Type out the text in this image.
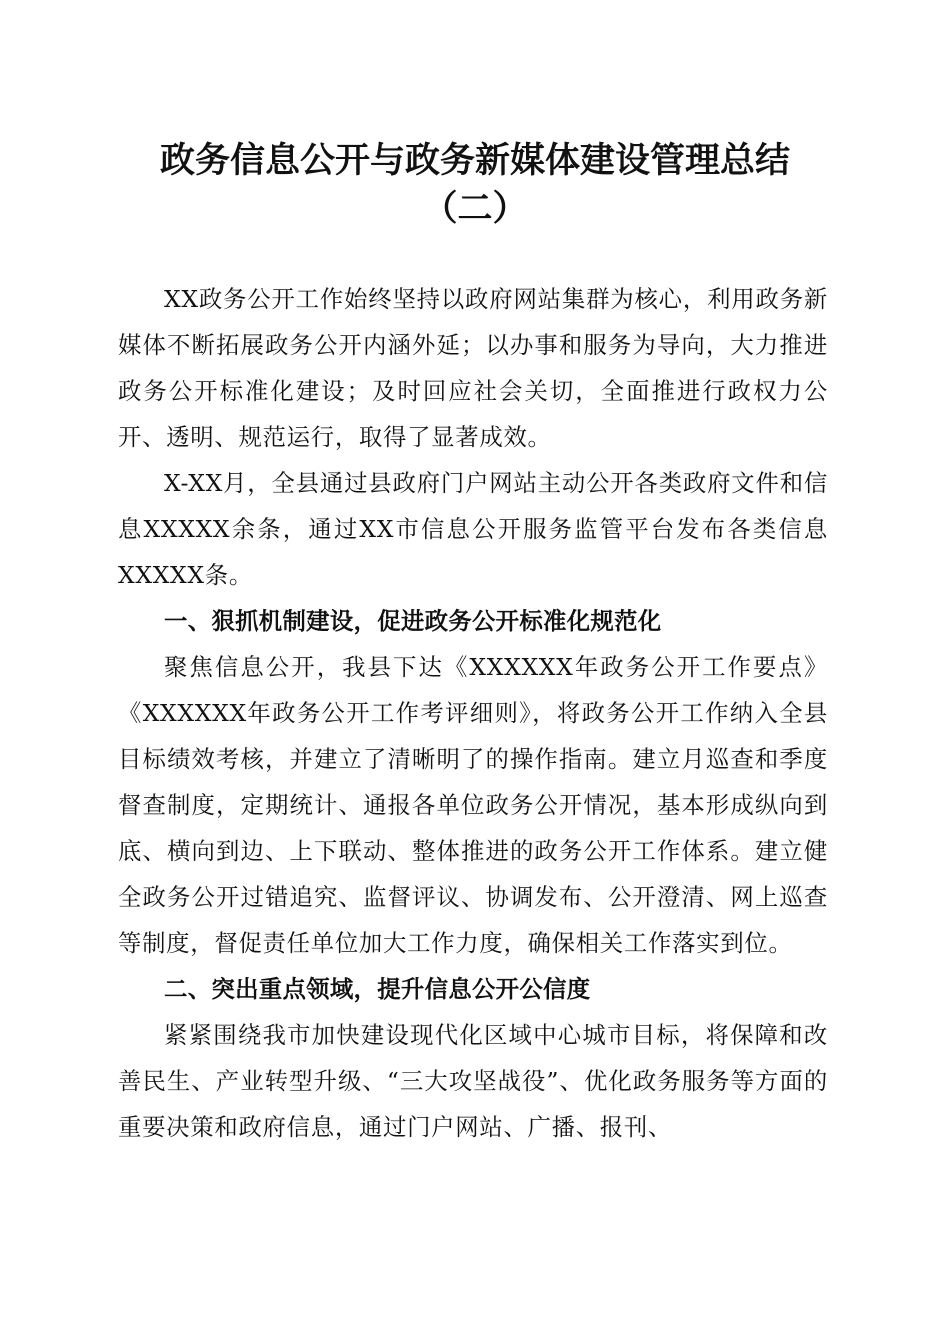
政务信息公开与政务新媒体建设管理总结
（二）

XX政务公开工作始终坚持以政府网站集群为核心，利用政务新媒体不断拓展政务公开内涵外延；以办事和服务为导向，大力推进政务公开标准化建设；及时回应社会关切，全面推进行政权力公开、透明、规范运行，取得了显著成效。

X-XX月，全县通过县政府门户网站主动公开各类政府文件和信息XXXXX余条，通过XX市信息公开服务监管平台发布各类信息XXXXX条。

一、狠抓机制建设，促进政务公开标准化规范化

聚焦信息公开，我县下达《XXXXXX年政务公开工作要点》《XXXXXX年政务公开工作考评细则》，将政务公开工作纳入全县目标绩效考核，并建立了清晰明了的操作指南。建立月巡查和季度督查制度，定期统计、通报各单位政务公开情况，基本形成纵向到底、横向到边、上下联动、整体推进的政务公开工作体系。建立健全政务公开过错追究、监督评议、协调发布、公开澄清、网上巡查等制度，督促责任单位加大工作力度，确保相关工作落实到位。

二、突出重点领域，提升信息公开公信度

紧紧围绕我市加快建设现代化区域中心城市目标，将保障和改善民生、产业转型升级、“三大攻坚战役”、优化政务服务等方面的重要决策和政府信息，通过门户网站、广播、报刊、
